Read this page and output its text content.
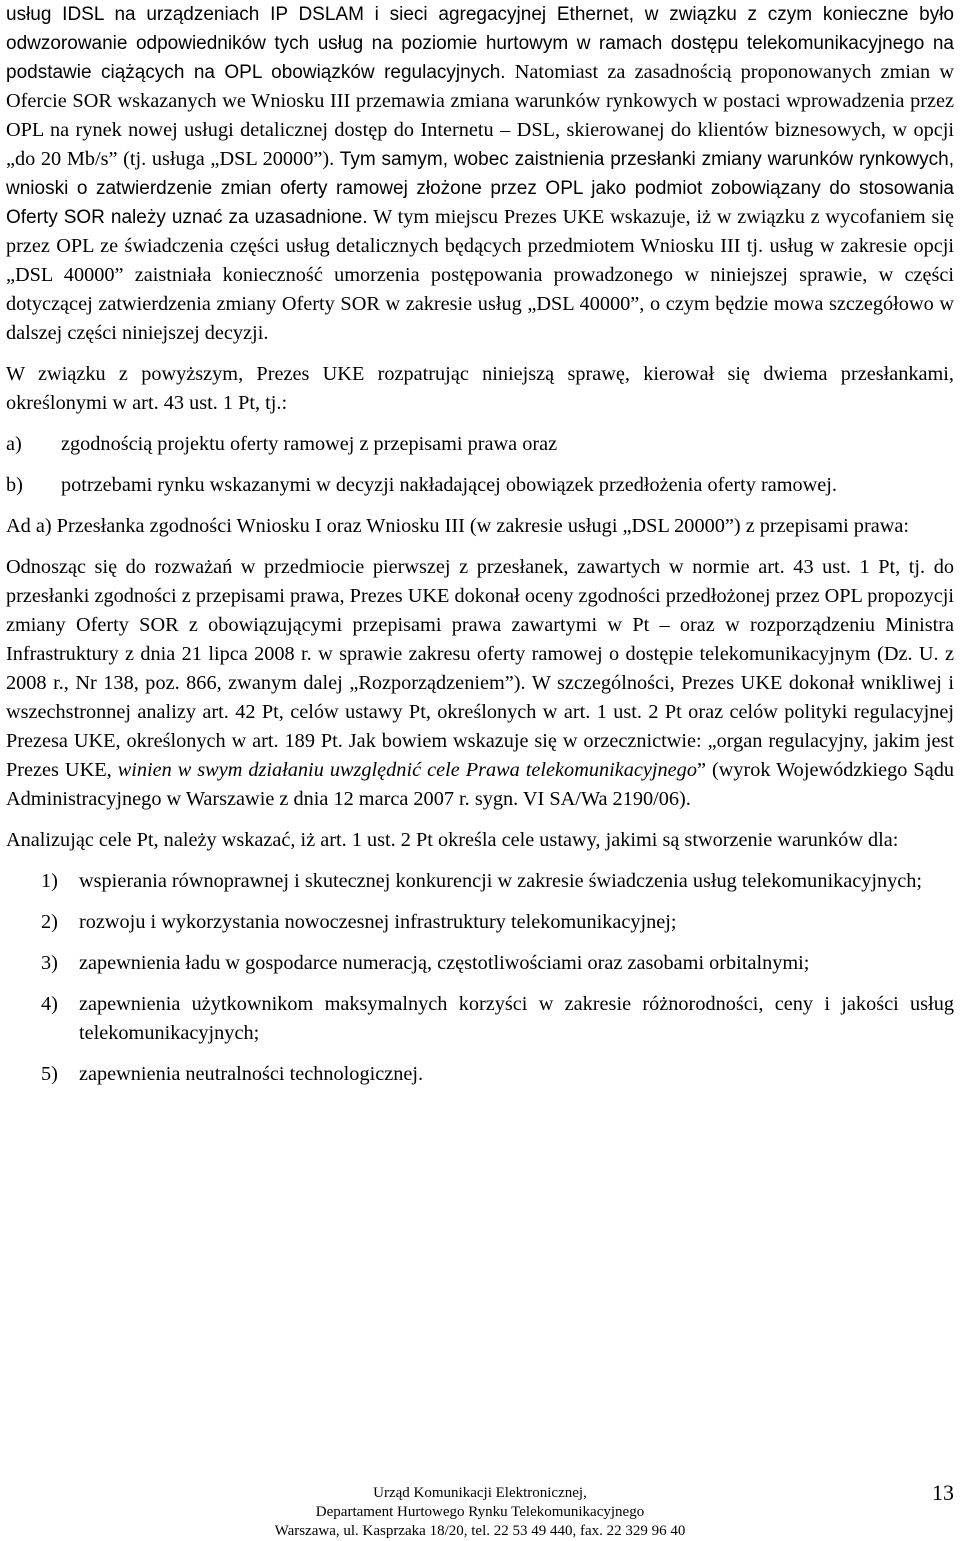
usług IDSL na urządzeniach IP DSLAM i sieci agregacyjnej Ethernet, w związku z czym konieczne było odwzorowanie odpowiedników tych usług na poziomie hurtowym w ramach dostępu telekomunikacyjnego na podstawie ciążących na OPL obowiązków regulacyjnych. Natomiast za zasadnością proponowanych zmian w Ofercie SOR wskazanych we Wniosku III przemawia zmiana warunków rynkowych w postaci wprowadzenia przez OPL na rynek nowej usługi detalicznej dostęp do Internetu – DSL, skierowanej do klientów biznesowych, w opcji „do 20 Mb/s” (tj. usługa „DSL 20000”). Tym samym, wobec zaistnienia przesłanki zmiany warunków rynkowych, wnioski o zatwierdzenie zmian oferty ramowej złożone przez OPL jako podmiot zobowiązany do stosowania Oferty SOR należy uznać za uzasadnione. W tym miejscu Prezes UKE wskazuje, iż w związku z wycofaniem się przez OPL ze świadczenia części usług detalicznych będących przedmiotem Wniosku III tj. usług w zakresie opcji „DSL 40000” zaistniała konieczność umorzenia postępowania prowadzonego w niniejszej sprawie, w części dotyczącej zatwierdzenia zmiany Oferty SOR w zakresie usług „DSL 40000”, o czym będzie mowa szczegółowo w dalszej części niniejszej decyzji.

W związku z powyższym, Prezes UKE rozpatrując niniejszą sprawę, kierował się dwiema przesłankami, określonymi w art. 43 ust. 1 Pt, tj.:

a)	zgodnością projektu oferty ramowej z przepisami prawa oraz
b)	potrzebami rynku wskazanymi w decyzji nakładającej obowiązek przedłożenia oferty ramowej.

Ad a) Przesłanka zgodności Wniosku I oraz Wniosku III (w zakresie usługi „DSL 20000”) z przepisami prawa:

Odnosząc się do rozważań w przedmiocie pierwszej z przesłanek, zawartych w normie art. 43 ust. 1 Pt, tj. do przesłanki zgodności z przepisami prawa, Prezes UKE dokonał oceny zgodności przedłożonej przez OPL propozycji zmiany Oferty SOR z obowiązującymi przepisami prawa zawartymi w Pt – oraz w rozporządzeniu Ministra Infrastruktury z dnia 21 lipca 2008 r. w sprawie zakresu oferty ramowej o dostępie telekomunikacyjnym (Dz. U. z 2008 r., Nr 138, poz. 866, zwanym dalej „Rozporządzeniem”). W szczególności, Prezes UKE dokonał wnikliwej i wszechstronnej analizy art. 42 Pt, celów ustawy Pt, określonych w art. 1 ust. 2 Pt oraz celów polityki regulacyjnej Prezesa UKE, określonych w art. 189 Pt. Jak bowiem wskazuje się w orzecznictwie: „organ regulacyjny, jakim jest Prezes UKE, winien w swym działaniu uwzględnić cele Prawa telekomunikacyjnego” (wyrok Wojewódzkiego Sądu Administracyjnego w Warszawie z dnia 12 marca 2007 r. sygn. VI SA/Wa 2190/06).

Analizując cele Pt, należy wskazać, iż art. 1 ust. 2 Pt określa cele ustawy, jakimi są stworzenie warunków dla:

1)	wspierania równoprawnej i skutecznej konkurencji w zakresie świadczenia usług telekomunikacyjnych;
2)	rozwoju i wykorzystania nowoczesnej infrastruktury telekomunikacyjnej;
3)	zapewnienia ładu w gospodarce numeracją, częstotliwościami oraz zasobami orbitalnymi;
4)	zapewnienia użytkownikom maksymalnych korzyści w zakresie różnorodności, ceny i jakości usług telekomunikacyjnych;
5)	zapewnienia neutralności technologicznej.
Urząd Komunikacji Elektronicznej,
Departament Hurtowego Rynku Telekomunikacyjnego
Warszawa, ul. Kasprzaka 18/20, tel. 22 53 49 440, fax. 22 329 96 40
13
